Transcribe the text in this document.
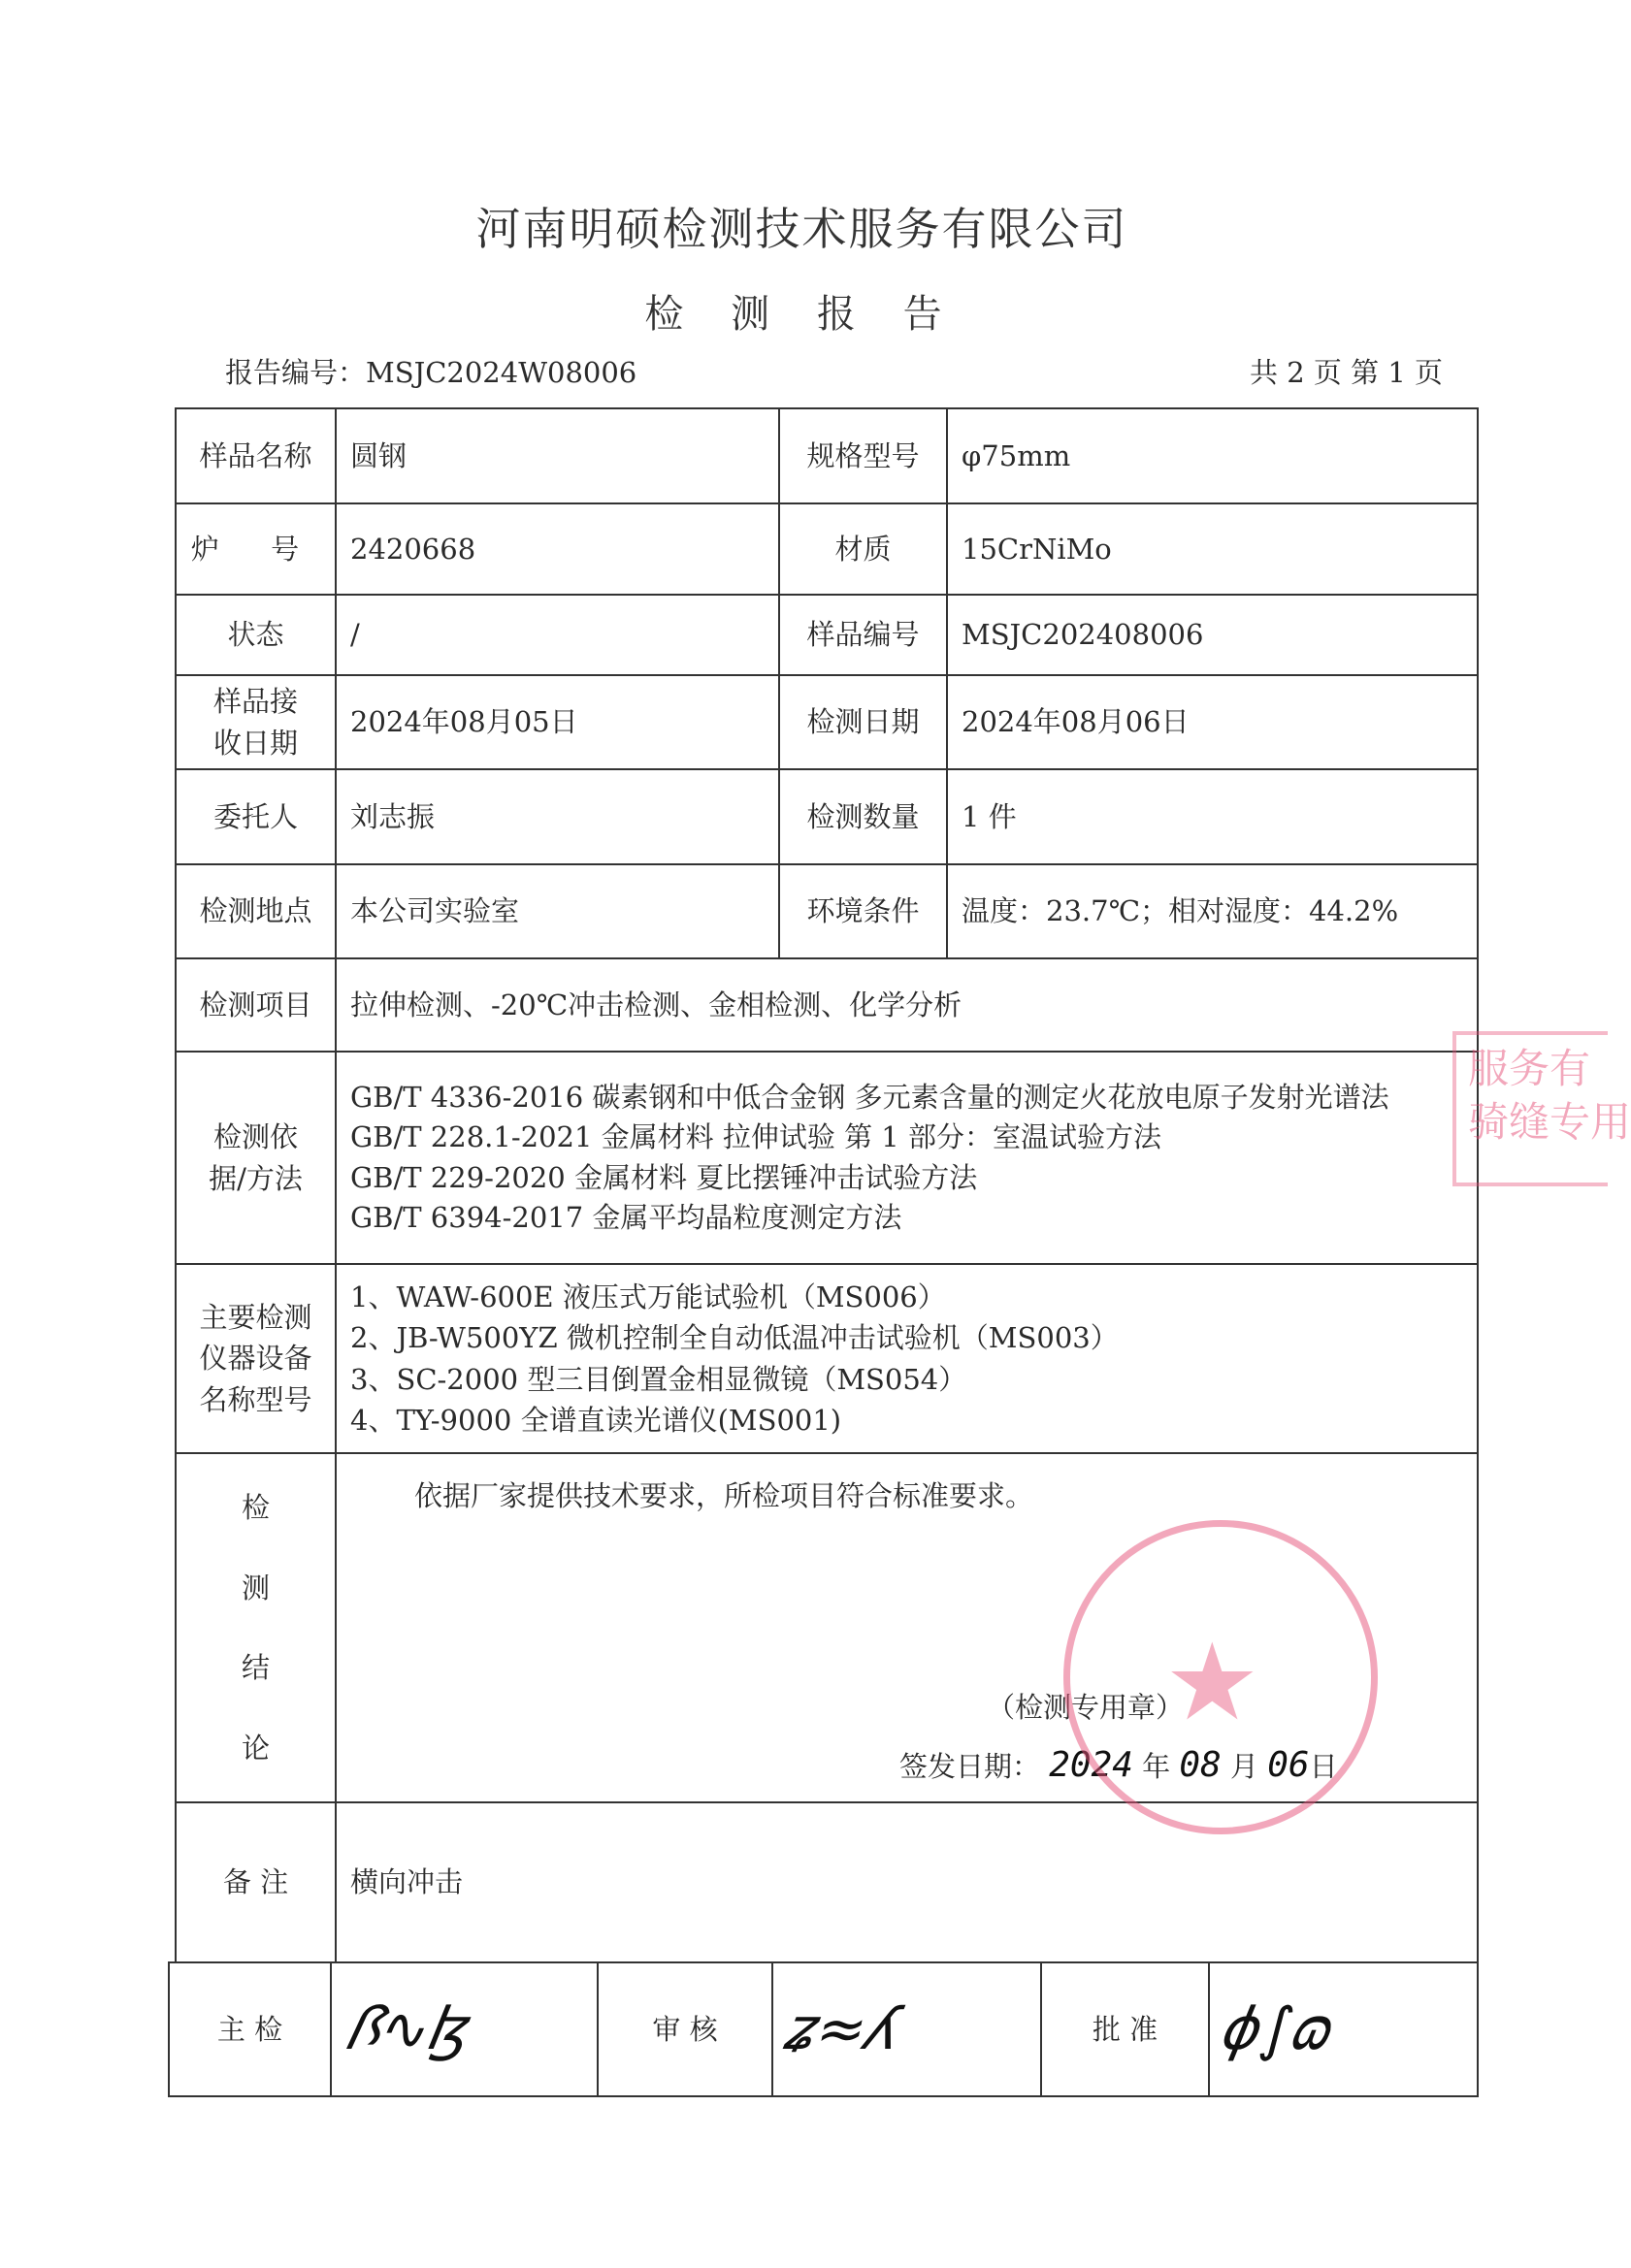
河南明硕检测技术服务有限公司
检 测 报 告
报告编号：MSJC2024W08006	共 2 页 第 1 页
样品名称	圆钢	规格型号	φ75mm
炉 号	2420668	材质	15CrNiMo
状态	/	样品编号	MSJC202408006
样品接收日期	2024年08月05日	检测日期	2024年08月06日
委托人	刘志振	检测数量	1 件
检测地点	本公司实验室	环境条件	温度：23.7℃；相对湿度：44.2%
检测项目	拉伸检测、-20℃冲击检测、金相检测、化学分析		
检测依据/方法	GB/T 4336-2016 碳素钢和中低合金钢 多元素含量的测定火花放电原子发射光谱法
GB/T 228.1-2021 金属材料 拉伸试验 第 1 部分：室温试验方法
GB/T 229-2020 金属材料 夏比摆锤冲击试验方法
GB/T 6394-2017 金属平均晶粒度测定方法		

主要检测仪器设备名称型号	1、WAW-600E 液压式万能试验机（MS006）
2、JB-W500YZ 微机控制全自动低温冲击试验机（MS003）
3、SC-2000 型三目倒置金相显微镜（MS054）
4、TY-9000 全谱直读光谱仪(MS001)		

检
测
结
论	依据厂家提供技术要求，所检项目符合标准要求。
（检测专用章）
签发日期： 2024 年 08 月 06日		

备 注	横向冲击		
主 检	ꟗ∿ɮ	审 核	ʑ≈ʎ	批 准	ɸ∫ɷ
★
服务有
骑缝专用
